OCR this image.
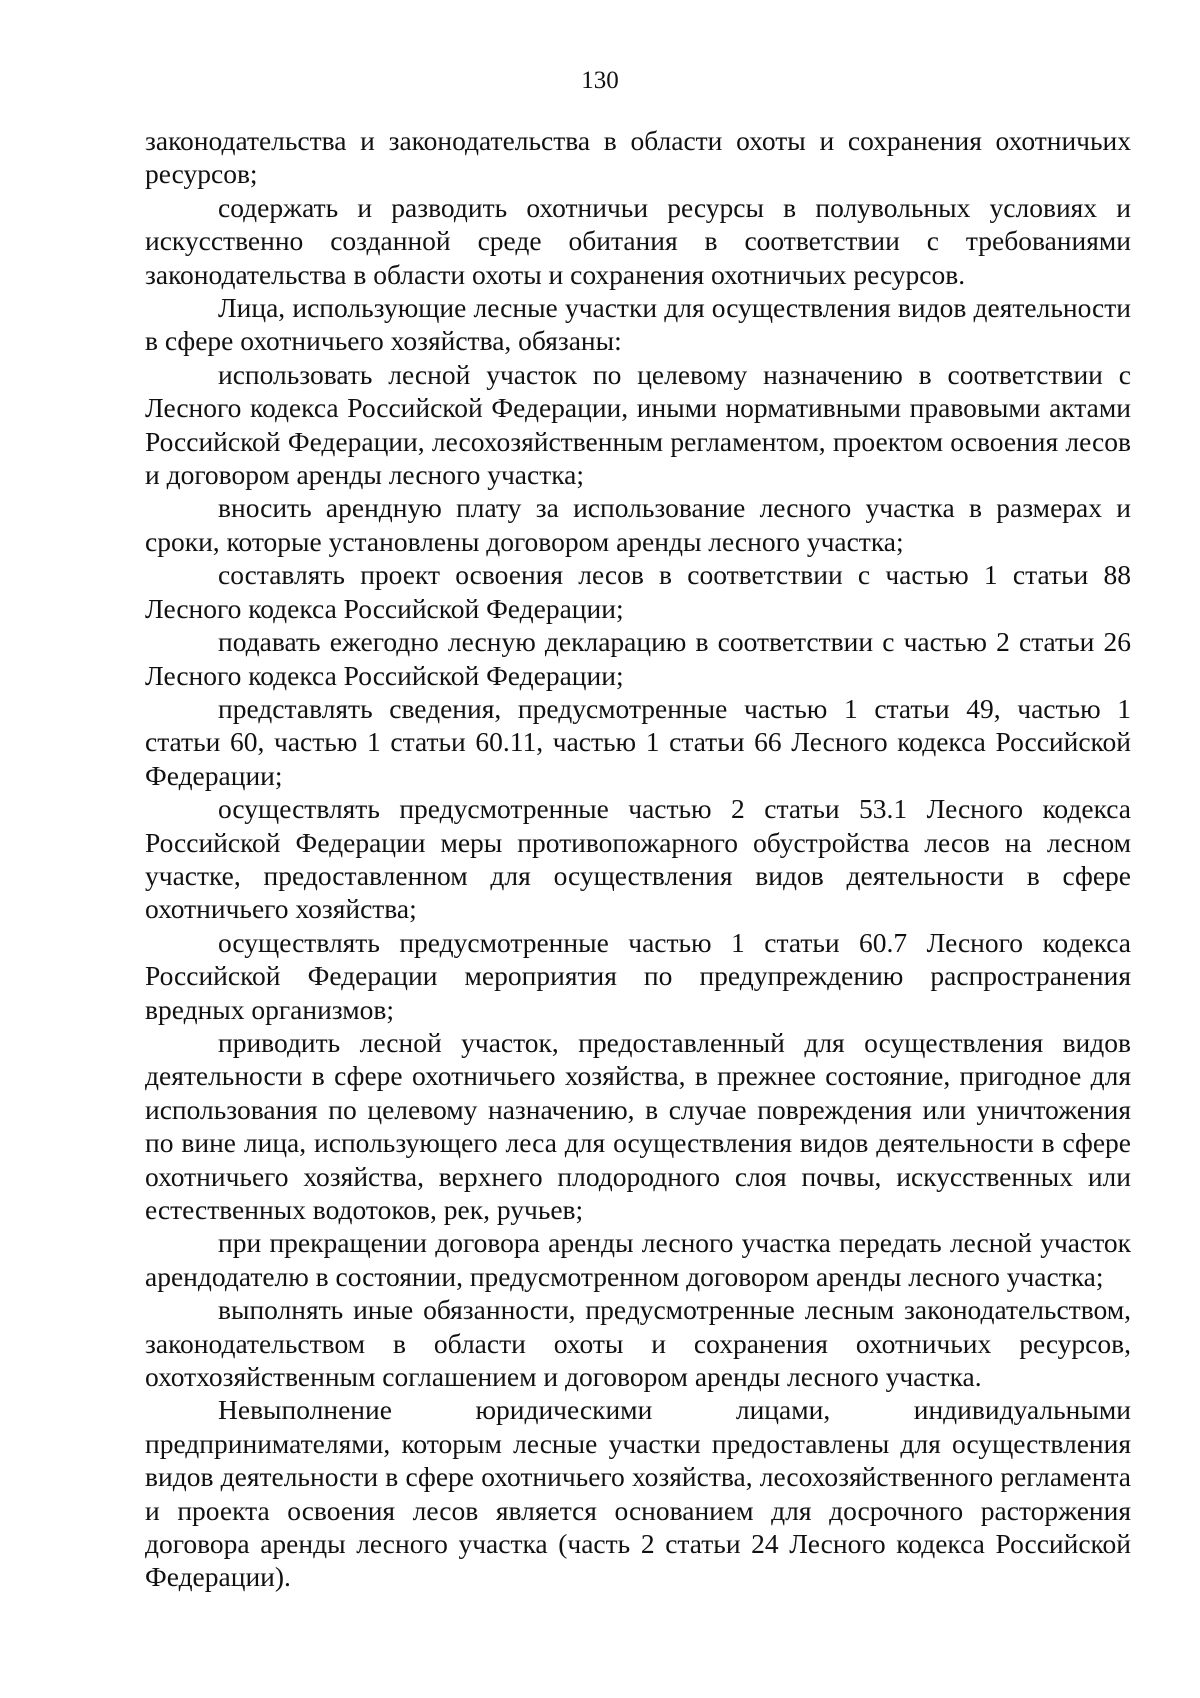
130

законодательства и законодательства в области охоты и сохранения охотничьих ресурсов;

содержать и разводить охотничьи ресурсы в полувольных условиях и искусственно созданной среде обитания в соответствии с требованиями законодательства в области охоты и сохранения охотничьих ресурсов.

Лица, использующие лесные участки для осуществления видов деятельности в сфере охотничьего хозяйства, обязаны:

использовать лесной участок по целевому назначению в соответствии с Лесного кодекса Российской Федерации, иными нормативными правовыми актами Российской Федерации, лесохозяйственным регламентом, проектом освоения лесов и договором аренды лесного участка;

вносить арендную плату за использование лесного участка в размерах и сроки, которые установлены договором аренды лесного участка;

составлять проект освоения лесов в соответствии с частью 1 статьи 88 Лесного кодекса Российской Федерации;

подавать ежегодно лесную декларацию в соответствии с частью 2 статьи 26 Лесного кодекса Российской Федерации;

представлять сведения, предусмотренные частью 1 статьи 49, частью 1 статьи 60, частью 1 статьи 60.11, частью 1 статьи 66 Лесного кодекса Российской Федерации;

осуществлять предусмотренные частью 2 статьи 53.1 Лесного кодекса Российской Федерации меры противопожарного обустройства лесов на лесном участке, предоставленном для осуществления видов деятельности в сфере охотничьего хозяйства;

осуществлять предусмотренные частью 1 статьи 60.7 Лесного кодекса Российской Федерации мероприятия по предупреждению распространения вредных организмов;

приводить лесной участок, предоставленный для осуществления видов деятельности в сфере охотничьего хозяйства, в прежнее состояние, пригодное для использования по целевому назначению, в случае повреждения или уничтожения по вине лица, использующего леса для осуществления видов деятельности в сфере охотничьего хозяйства, верхнего плодородного слоя почвы, искусственных или естественных водотоков, рек, ручьев;

при прекращении договора аренды лесного участка передать лесной участок арендодателю в состоянии, предусмотренном договором аренды лесного участка;

выполнять иные обязанности, предусмотренные лесным законодательством, законодательством в области охоты и сохранения охотничьих ресурсов, охотхозяйственным соглашением и договором аренды лесного участка.

Невыполнение юридическими лицами, индивидуальными предпринимателями, которым лесные участки предоставлены для осуществления видов деятельности в сфере охотничьего хозяйства, лесохозяйственного регламента и проекта освоения лесов является основанием для досрочного расторжения договора аренды лесного участка (часть 2 статьи 24 Лесного кодекса Российской Федерации).
